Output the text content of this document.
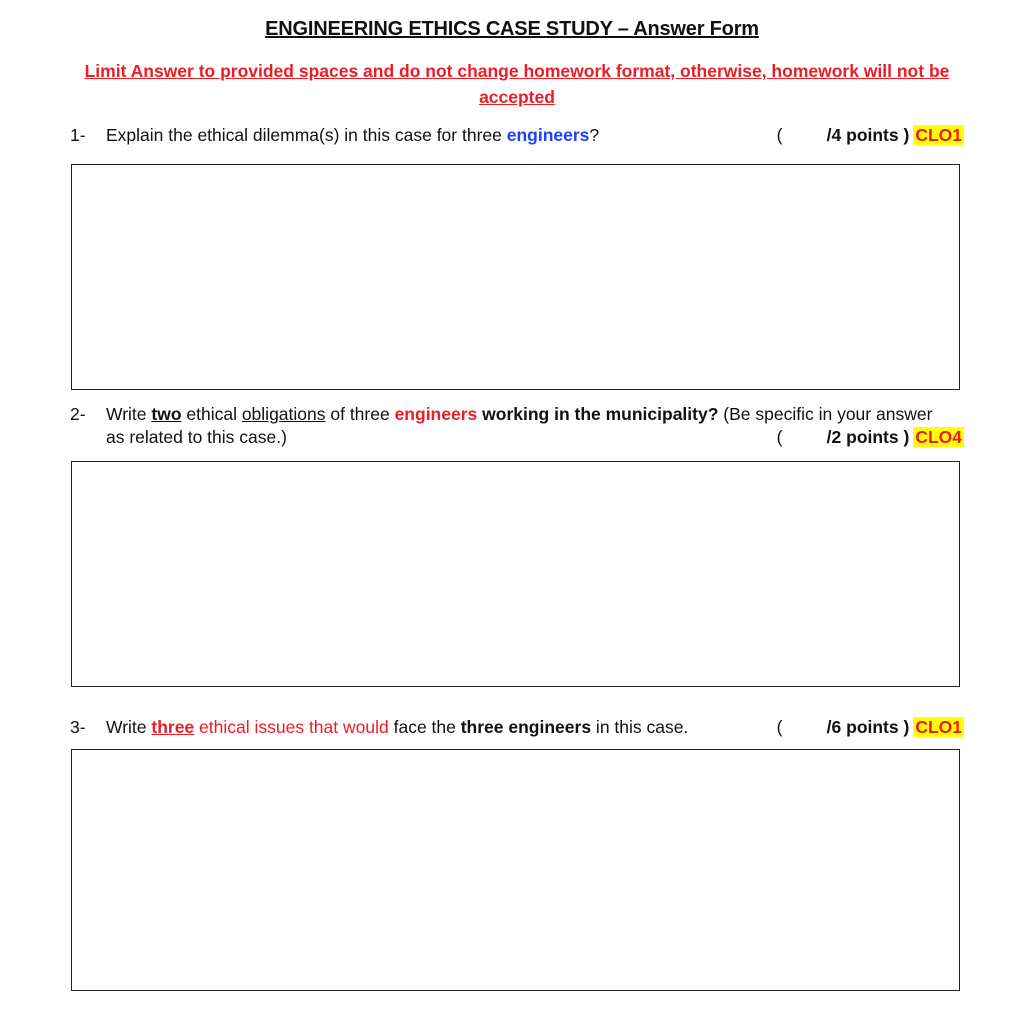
ENGINEERING ETHICS CASE STUDY – Answer Form
Limit Answer to provided spaces and do not change homework format, otherwise, homework will not be accepted
1- Explain the ethical dilemma(s) in this case for three engineers?	(	/4 points ) CLO1
2- Write two ethical obligations of three engineers working in the municipality? (Be specific in your answer
as related to this case.)	(	/2 points ) CLO4
3- Write three ethical issues that would face the three engineers in this case.	(	/6 points ) CLO1
